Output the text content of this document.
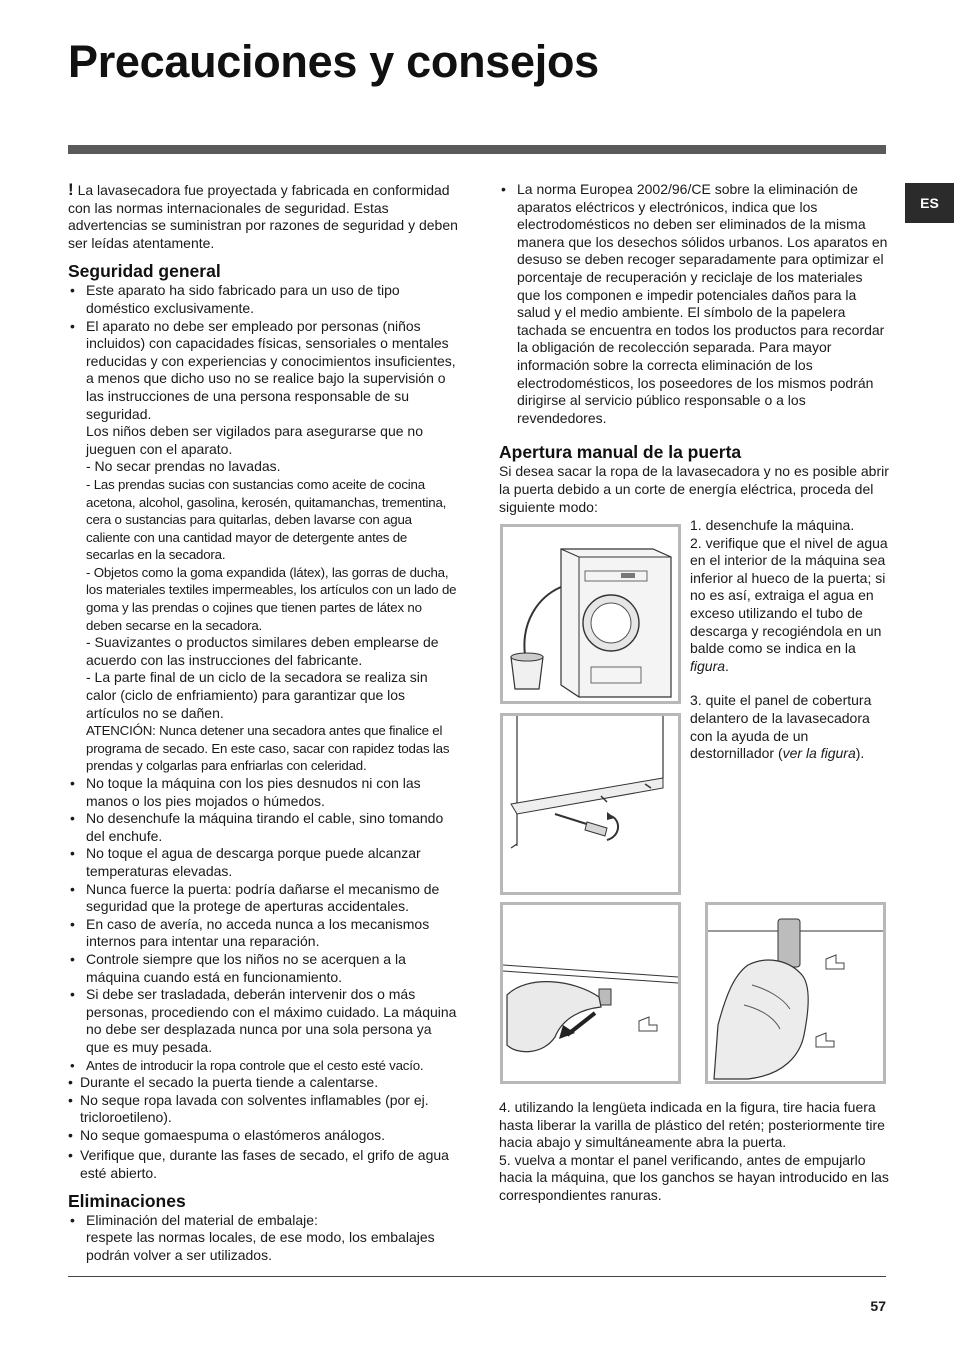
Precauciones y consejos
ES

! La lavasecadora fue proyectada y fabricada en conformidad con las normas internacionales de seguridad. Estas advertencias se suministran por razones de seguridad y deben ser leídas atentamente.

Seguridad general
• Este aparato ha sido fabricado para un uso de tipo doméstico exclusivamente.
• El aparato no debe ser empleado por personas (niños incluidos) con capacidades físicas, sensoriales o mentales reducidas y con experiencias y conocimientos insuficientes, a menos que dicho uso no se realice bajo la supervisión o las instrucciones de una persona responsable de su seguridad.

Los niños deben ser vigilados para asegurarse que no jueguen con el aparato.

- No secar prendas no lavadas.

- Las prendas sucias con sustancias como aceite de cocina acetona, alcohol, gasolina, kerosén, quitamanchas, trementina, cera o sustancias para quitarlas, deben lavarse con agua caliente con una cantidad mayor de detergente antes de secarlas en la secadora.

- Objetos como la goma expandida (látex), las gorras de ducha, los materiales textiles impermeables, los artículos con un lado de goma y las prendas o cojines que tienen partes de látex no deben secarse en la secadora.

- Suavizantes o productos similares deben emplearse de acuerdo con las instrucciones del fabricante.

- La parte final de un ciclo de la secadora se realiza sin calor (ciclo de enfriamiento) para garantizar que los artículos no se dañen.

ATENCIÓN: Nunca detener una secadora antes que finalice el programa de secado. En este caso, sacar con rapidez todas las prendas y colgarlas para enfriarlas con celeridad.

• No toque la máquina con los pies desnudos ni con las manos o los pies mojados o húmedos.
• No desenchufe la máquina tirando el cable, sino tomando del enchufe.
• No toque el agua de descarga porque puede alcanzar temperaturas elevadas.
• Nunca fuerce la puerta: podría dañarse el mecanismo de seguridad que la protege de aperturas accidentales.
• En caso de avería, no acceda nunca a los mecanismos internos para intentar una reparación.
• Controle siempre que los niños no se acerquen a la máquina cuando está en funcionamiento.
• Si debe ser trasladada, deberán intervenir dos o más personas, procediendo con el máximo cuidado. La máquina no debe ser desplazada nunca por una sola persona ya que es muy pesada.
• Antes de introducir la ropa controle que el cesto esté vacío.
• Durante el secado la puerta tiende a calentarse.
• No seque ropa lavada con solventes inflamables (por ej. tricloroetileno).
• No seque gomaespuma o elastómeros análogos.
• Verifique que, durante las fases de secado, el grifo de agua esté abierto.
Eliminaciones
• Eliminación del material de embalaje:

respete las normas locales, de ese modo, los embalajes podrán volver a ser utilizados.

• La norma Europea 2002/96/CE sobre la eliminación de aparatos eléctricos y electrónicos, indica que los electrodomésticos no deben ser eliminados de la misma manera que los desechos sólidos urbanos. Los aparatos en desuso se deben recoger separadamente para optimizar el porcentaje de recuperación y reciclaje de los materiales que los componen e impedir potenciales daños para la salud y el medio ambiente. El símbolo de la papelera tachada se encuentra en todos los productos para recordar la obligación de recolección separada. Para mayor información sobre la correcta eliminación de los electrodomésticos, los poseedores de los mismos podrán dirigirse al servicio público responsable o a los revendedores.
Apertura manual de la puerta

Si desea sacar la ropa de la lavasecadora y no es posible abrir la puerta debido a un corte de energía eléctrica, proceda del siguiente modo:

1. desenchufe la máquina.

2. verifique que el nivel de agua en el interior de la máquina sea inferior al hueco de la puerta; si no es así, extraiga el agua en exceso utilizando el tubo de descarga y recogiéndola en un balde como se indica en la figura.

3. quite el panel de cobertura delantero de la lavasecadora con la ayuda de un destornillador (ver la figura).

4. utilizando la lengüeta indicada en la figura, tire hacia fuera hasta liberar la varilla de plástico del retén; posteriormente tire hacia abajo y simultáneamente abra la puerta.

5. vuelva a montar el panel verificando, antes de empujarlo hacia la máquina, que los ganchos se hayan introducido en las correspondientes ranuras.

57
